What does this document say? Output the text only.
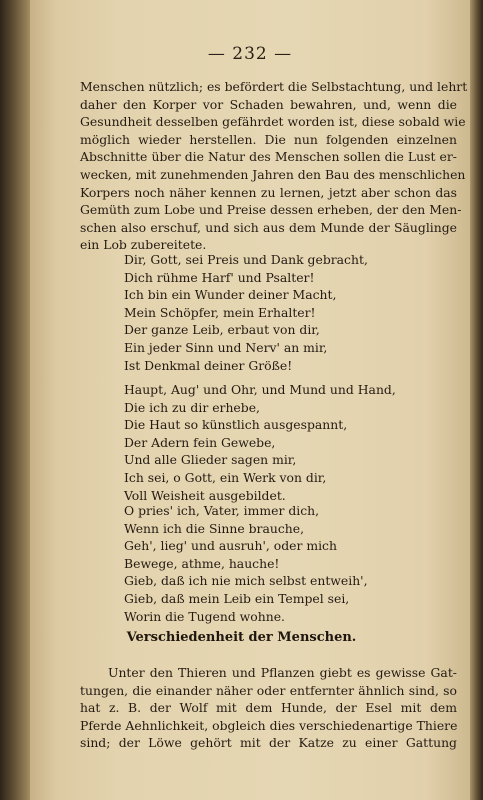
— 232 —
Menschen nützlich; es befördert die Selbstachtung, und lehrt
daher den Korper vor Schaden bewahren, und, wenn die
Gesundheit desselben gefährdet worden ist, diese sobald wie
möglich wieder herstellen. Die nun folgenden einzelnen
Abschnitte über die Natur des Menschen sollen die Lust er-
wecken, mit zunehmenden Jahren den Bau des menschlichen
Korpers noch näher kennen zu lernen, jetzt aber schon das
Gemüth zum Lobe und Preise dessen erheben, der den Men-
schen also erschuf, und sich aus dem Munde der Säuglinge
ein Lob zubereitete.
Dir, Gott, sei Preis und Dank gebracht,
Dich rühme Harf' und Psalter!
Ich bin ein Wunder deiner Macht,
Mein Schöpfer, mein Erhalter!
Der ganze Leib, erbaut von dir,
Ein jeder Sinn und Nerv' an mir,
Ist Denkmal deiner Größe!
Haupt, Aug' und Ohr, und Mund und Hand,
Die ich zu dir erhebe,
Die Haut so künstlich ausgespannt,
Der Adern fein Gewebe,
Und alle Glieder sagen mir,
Ich sei, o Gott, ein Werk von dir,
Voll Weisheit ausgebildet.
O pries' ich, Vater, immer dich,
Wenn ich die Sinne brauche,
Geh', lieg' und ausruh', oder mich
Bewege, athme, hauche!
Gieb, daß ich nie mich selbst entweih',
Gieb, daß mein Leib ein Tempel sei,
Worin die Tugend wohne.
Verschiedenheit der Menschen.
Unter den Thieren und Pflanzen giebt es gewisse Gat-
tungen, die einander näher oder entfernter ähnlich sind, so
hat z. B. der Wolf mit dem Hunde, der Esel mit dem
Pferde Aehnlichkeit, obgleich dies verschiedenartige Thiere
sind; der Löwe gehört mit der Katze zu einer Gattung
